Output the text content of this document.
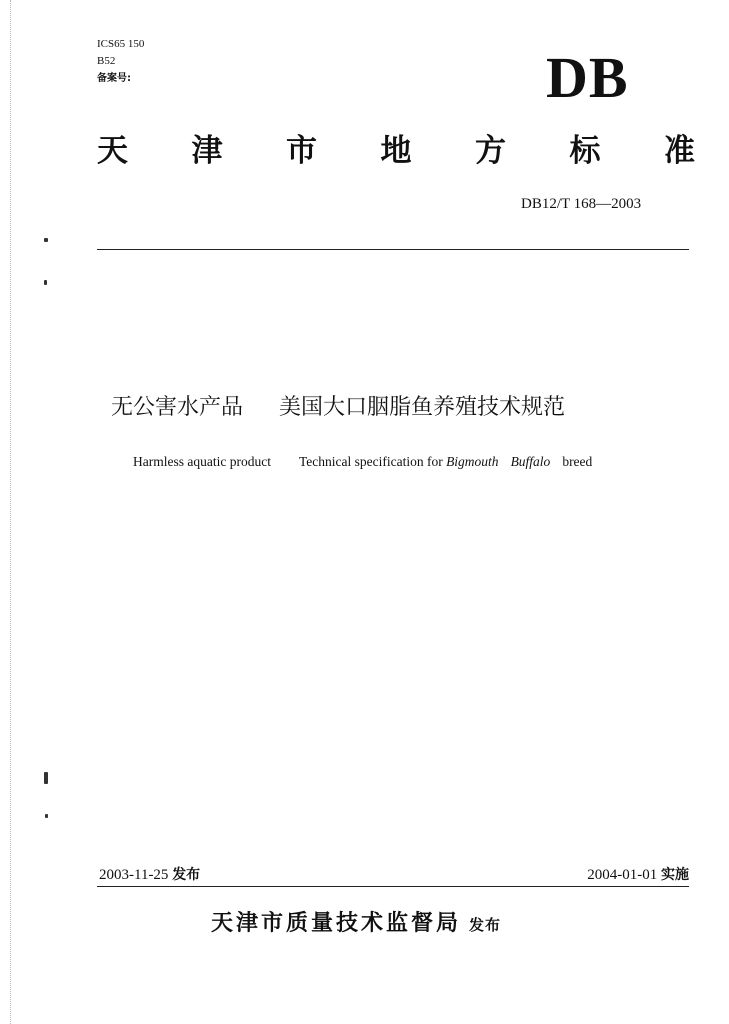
ICS65 150
B52
备案号:	DB
天 津 市 地 方 标 准
DB12/T 168—2003
无公害水产品 美国大口胭脂鱼养殖技术规范
Harmless aquatic product Technical specification for Bigmouth Buffalo breed
2003-11-25 发布	2004-01-01 实施
天津市质量技术监督局 发布
